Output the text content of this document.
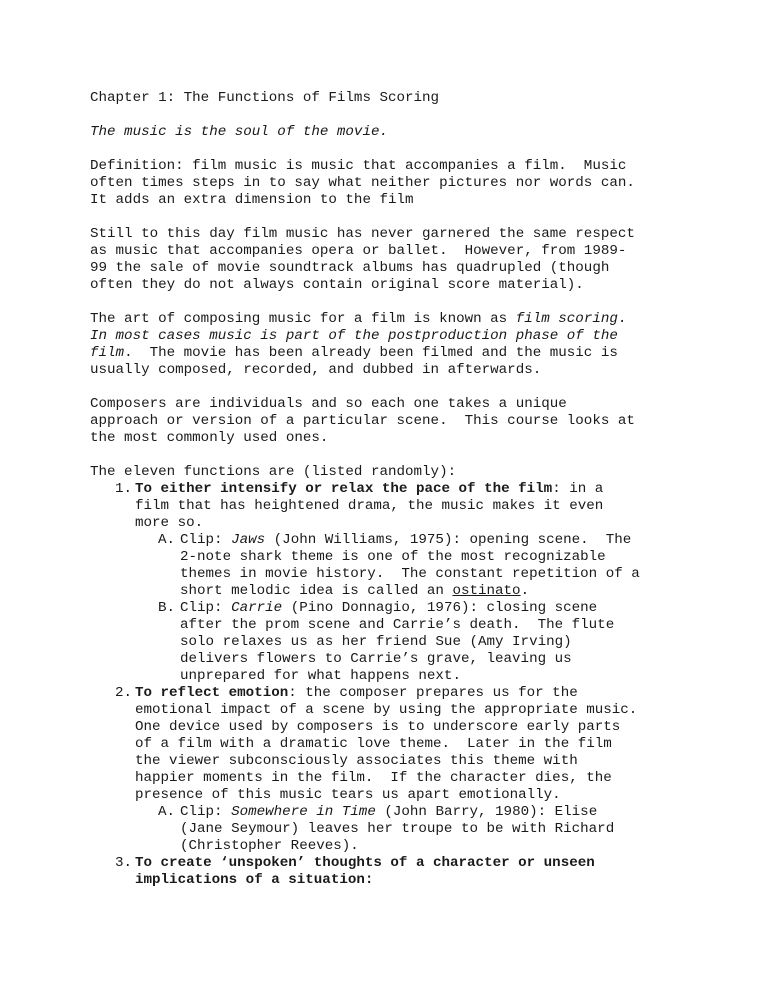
Chapter 1: The Functions of Films Scoring

The music is the soul of the movie.

Definition: film music is music that accompanies a film.  Music
often times steps in to say what neither pictures nor words can.
It adds an extra dimension to the film

Still to this day film music has never garnered the same respect
as music that accompanies opera or ballet.  However, from 1989-
99 the sale of movie soundtrack albums has quadrupled (though
often they do not always contain original score material).

The art of composing music for a film is known as film scoring.
In most cases music is part of the postproduction phase of the
film.  The movie has been already been filmed and the music is
usually composed, recorded, and dubbed in afterwards.

Composers are individuals and so each one takes a unique
approach or version of a particular scene.  This course looks at
the most commonly used ones.

The eleven functions are (listed randomly):
1. To either intensify or relax the pace of the film: in a
film that has heightened drama, the music makes it even
more so.
A. Clip: Jaws (John Williams, 1975): opening scene.  The
2-note shark theme is one of the most recognizable
themes in movie history.  The constant repetition of a
short melodic idea is called an ostinato.
B. Clip: Carrie (Pino Donnagio, 1976): closing scene
after the prom scene and Carrie’s death.  The flute
solo relaxes us as her friend Sue (Amy Irving)
delivers flowers to Carrie’s grave, leaving us
unprepared for what happens next.
2. To reflect emotion: the composer prepares us for the
emotional impact of a scene by using the appropriate music.
One device used by composers is to underscore early parts
of a film with a dramatic love theme.  Later in the film
the viewer subconsciously associates this theme with
happier moments in the film.  If the character dies, the
presence of this music tears us apart emotionally.
A. Clip: Somewhere in Time (John Barry, 1980): Elise
(Jane Seymour) leaves her troupe to be with Richard
(Christopher Reeves).
3. To create ‘unspoken’ thoughts of a character or unseen
implications of a situation:
